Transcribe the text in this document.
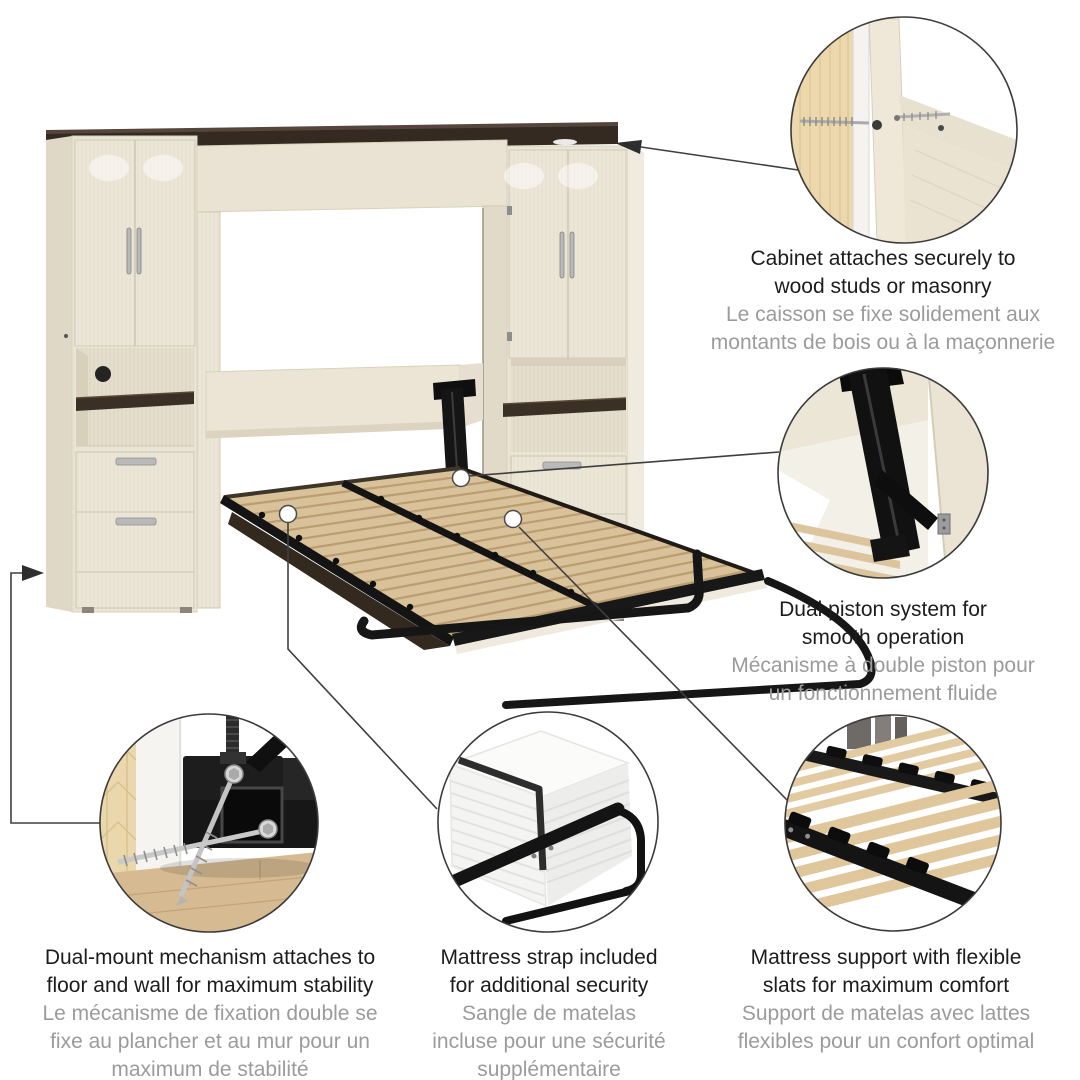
Cabinet attaches securely to
wood studs or masonry
Le caisson se fixe solidement aux
montants de bois ou à la maçonnerie
Dual piston system for
smooth operation
Mécanisme à double piston pour
un fonctionnement fluide
Dual-mount mechanism attaches to
floor and wall for maximum stability
Le mécanisme de fixation double se
fixe au plancher et au mur pour un
maximum de stabilité
Mattress strap included
for additional security
Sangle de matelas
incluse pour une sécurité
supplémentaire
Mattress support with flexible
slats for maximum comfort
Support de matelas avec lattes
flexibles pour un confort optimal
